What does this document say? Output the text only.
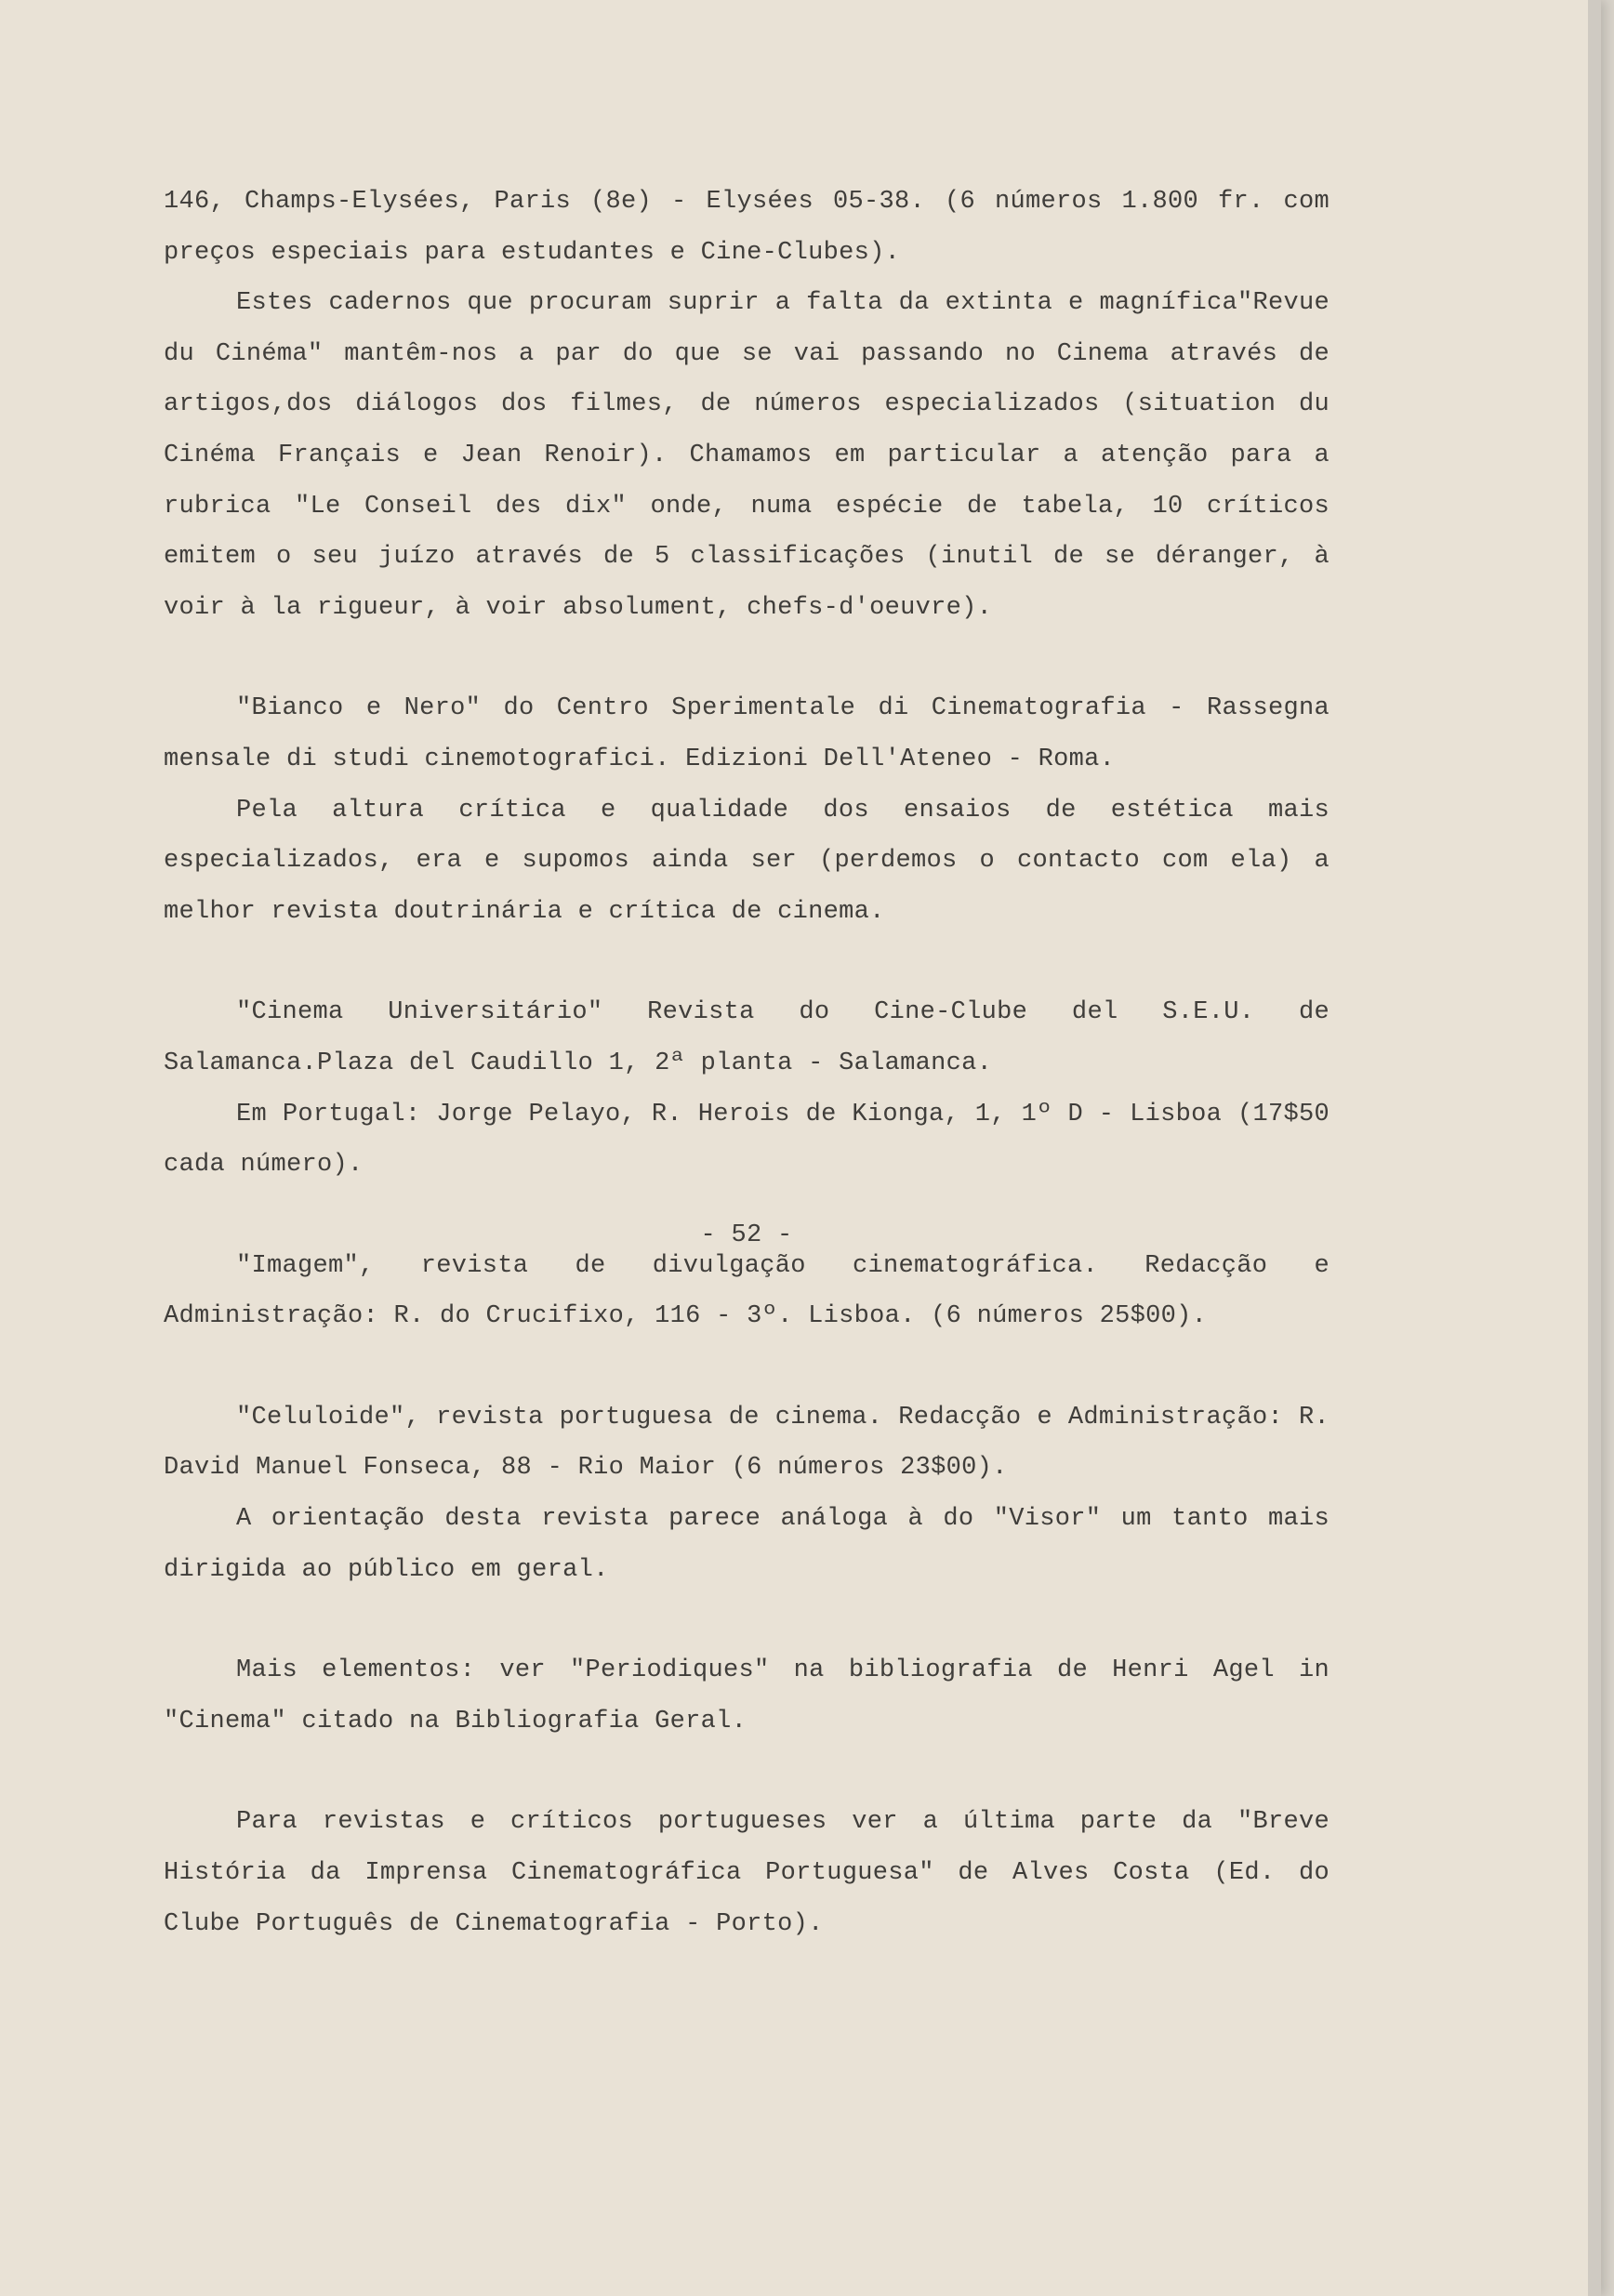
146, Champs-Elysées, Paris (8e) - Elysées 05-38. (6 números 1.800 fr. com preços especiais para estudantes e Cine-Clubes).

Estes cadernos que procuram suprir a falta da extinta e magnífica"Revue du Cinéma" mantêm-nos a par do que se vai passando no Cinema através de artigos,dos diálogos dos filmes, de números especializados (situation du Cinéma Français e Jean Renoir). Chamamos em particular a atenção para a rubrica "Le Conseil des dix" onde, numa espécie de tabela, 10 críticos emitem o seu juízo através de 5 classificações (inutil de se déranger, à voir à la rigueur, à voir absolument, chefs-d'oeuvre).

"Bianco e Nero" do Centro Sperimentale di Cinematografia - Rassegna mensale di studi cinemotografici. Edizioni Dell'Ateneo - Roma.

Pela altura crítica e qualidade dos ensaios de estética mais especializados, era e supomos ainda ser (perdemos o contacto com ela) a melhor revista doutrinária e crítica de cinema.

"Cinema Universitário" Revista do Cine-Clube del S.E.U. de Salamanca.Plaza del Caudillo 1, 2ª planta - Salamanca.

Em Portugal: Jorge Pelayo, R. Herois de Kionga, 1, 1º D - Lisboa (17$50 cada número).

"Imagem", revista de divulgação cinematográfica. Redacção e Administração: R. do Crucifixo, 116 - 3º. Lisboa. (6 números 25$00).

"Celuloide", revista portuguesa de cinema. Redacção e Administração: R. David Manuel Fonseca, 88 - Rio Maior (6 números 23$00).

A orientação desta revista parece análoga à do "Visor" um tanto mais dirigida ao público em geral.

Mais elementos: ver "Periodiques" na bibliografia de Henri Agel in "Cinema" citado na Bibliografia Geral.

Para revistas e críticos portugueses ver a última parte da "Breve História da Imprensa Cinematográfica Portuguesa" de Alves Costa (Ed. do Clube Português de Cinematografia - Porto).

- 52 -
